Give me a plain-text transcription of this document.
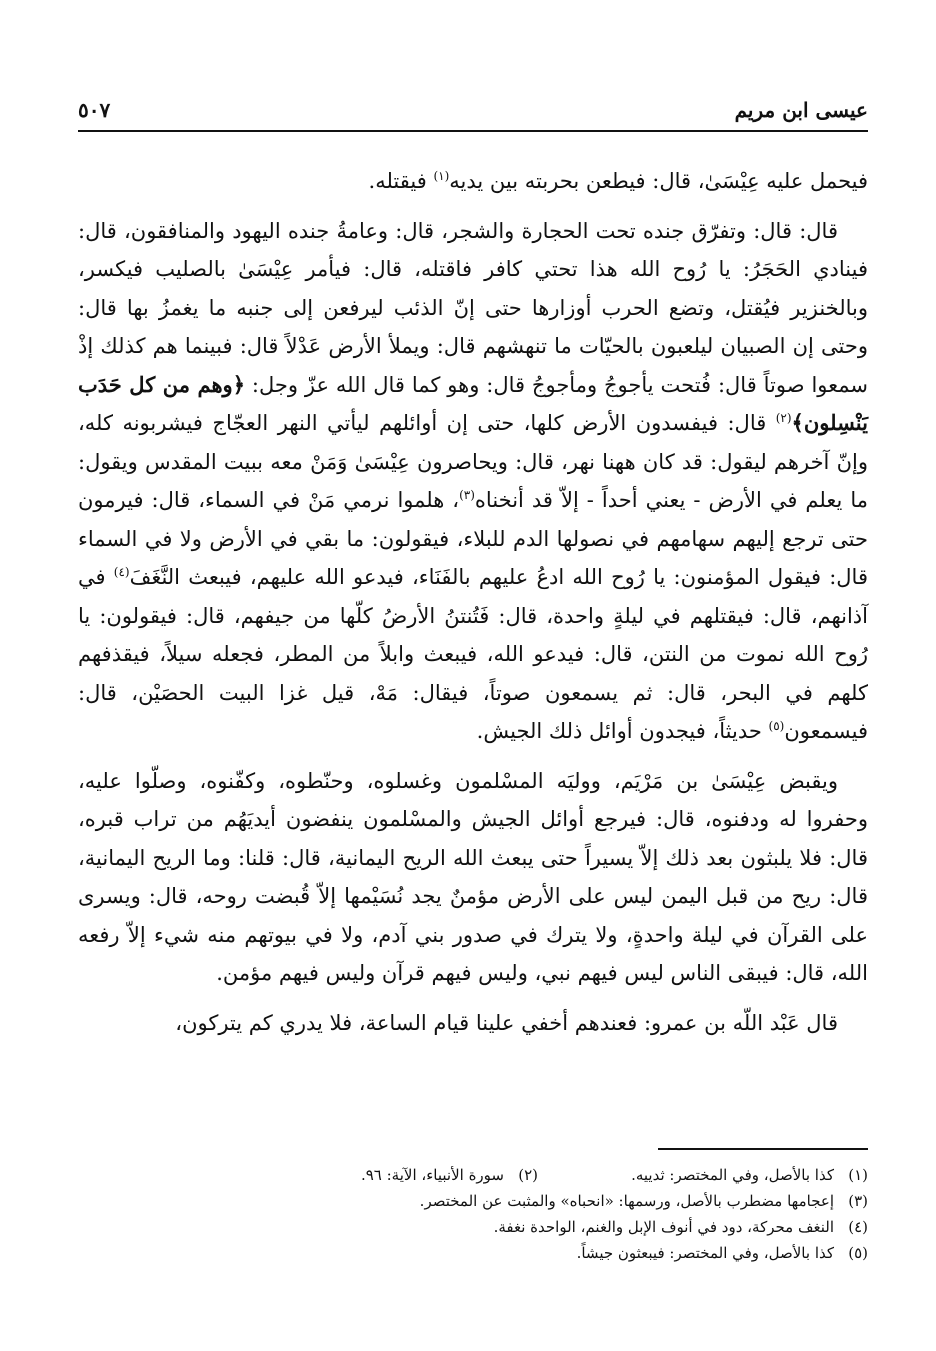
عيسى ابن مريم
٥٠٧

فيحمل عليه عِيْسَىٰ، قال: فيطعن بحربته بين يديه$^{(١)}$ فيقتله.

قال: قال: وتفرّق جنده تحت الحجارة والشجر، قال: وعامةُ جنده اليهود والمنافقون، قال: فينادي الحَجَرُ: يا رُوح الله هذا تحتي كافر فاقتله، قال: فيأمر عِيْسَىٰ بالصليب فيكسر، وبالخنزير فيُقتل، وتضع الحرب أوزارها حتى إنّ الذئب ليرفعن إلى جنبه ما يغمزُ بها قال: وحتى إن الصبيان ليلعبون بالحيّات ما تنهشهم قال: ويملأ الأرض عَدْلاً قال: فبينما هم كذلك إذْ سمعوا صوتاً قال: فُتحت يأجوجُ ومأجوجُ قال: وهو كما قال الله عزّ وجل: ﴿وهم من كل حَدَب يَنْسِلون﴾$^{(٢)}$ قال: فيفسدون الأرض كلها، حتى إن أوائلهم ليأتي النهر العجّاج فيشربونه كله، وإنّ آخرهم ليقول: قد كان ههنا نهر، قال: ويحاصرون عِيْسَىٰ وَمَنْ معه ببيت المقدس ويقول: ما يعلم في الأرض - يعني أحداً - إلاّ قد أنخناه$^{(٣)}$، هلموا نرمي مَنْ في السماء، قال: فيرمون حتى ترجع إليهم سهامهم في نصولها الدم للبلاء، فيقولون: ما بقي في الأرض ولا في السماء قال: فيقول المؤمنون: يا رُوح الله ادعُ عليهم بالفَنَاء، فيدعو الله عليهم، فيبعث النَّغَفَ$^{(٤)}$ في آذانهم، قال: فيقتلهم في ليلةٍ واحدة، قال: فَتُنتنُ الأرضُ كلّها من جيفهم، قال: فيقولون: يا رُوح الله نموت من النتن، قال: فيدعو الله، فيبعث وابلاً من المطر، فجعله سيلاً، فيقذفهم كلهم في البحر، قال: ثم يسمعون صوتاً، فيقال: مَهْ، قيل غزا البيت الحصَيْن، قال: فيسمعون$^{(٥)}$ حديثاً، فيجدون أوائل ذلك الجيش.

ويقبض عِيْسَىٰ بن مَرْيَم، ووليَه المسْلمون وغسلوه، وحنّطوه، وكفّنوه، وصلّوا عليه، وحفروا له ودفنوه، قال: فيرجع أوائل الجيش والمسْلمون ينفضون أيديَهُم من تراب قبره، قال: فلا يلبثون بعد ذلك إلاّ يسيراً حتى يبعث الله الريح اليمانية، قال: قلنا: وما الريح اليمانية، قال: ريح من قبل اليمن ليس على الأرض مؤمنٌ يجد نُسَيْمها إلاّ قُبضت روحه، قال: ويسرى على القرآن في ليلة واحدةٍ، ولا يترك في صدور بني آدم، ولا في بيوتهم منه شيء إلاّ رفعه الله، قال: فيبقى الناس ليس فيهم نبي، وليس فيهم قرآن وليس فيهم مؤمن.

قال عَبْد اللّه بن عمرو: فعندهم أخفي علينا قيام الساعة، فلا يدري كم يتركون،

(١)كذا بالأصل، وفي المختصر: ثدييه.(٢)سورة الأنبياء، الآية: ٩٦.
(٣)إعجامها مضطرب بالأصل، ورسمها: «انحباه» والمثبت عن المختصر.
(٤)النغف محركة، دود في أنوف الإبل والغنم، الواحدة نغفة.
(٥)كذا بالأصل، وفي المختصر: فيبعثون جيشاً.
